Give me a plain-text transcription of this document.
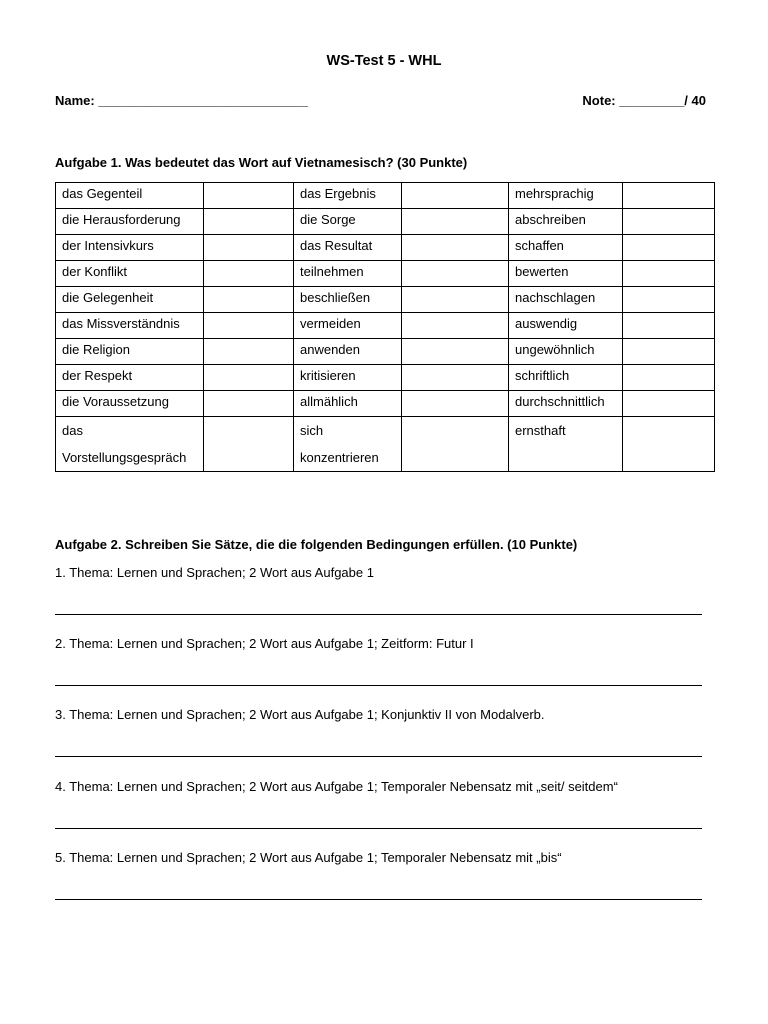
WS-Test 5 - WHL
Name: _____________________________	Note: _________/ 40
Aufgabe 1. Was bedeutet das Wort auf Vietnamesisch? (30 Punkte)
das Gegenteil		das Ergebnis		mehrsprachig	
die Herausforderung		die Sorge		abschreiben	
der Intensivkurs		das Resultat		schaffen	
der Konflikt		teilnehmen		bewerten	
die Gelegenheit		beschließen		nachschlagen	
das Missverständnis		vermeiden		auswendig	
die Religion		anwenden		ungewöhnlich	
der Respekt		kritisieren		schriftlich	
die Voraussetzung		allmählich		durchschnittlich	
das Vorstellungsgespräch		sich konzentrieren		ernsthaft	
Aufgabe 2. Schreiben Sie Sätze, die die folgenden Bedingungen erfüllen. (10 Punkte)
1. Thema: Lernen und Sprachen; 2 Wort aus Aufgabe 1
2. Thema: Lernen und Sprachen; 2 Wort aus Aufgabe 1; Zeitform: Futur I
3. Thema: Lernen und Sprachen; 2 Wort aus Aufgabe 1; Konjunktiv II von Modalverb.
4. Thema: Lernen und Sprachen; 2 Wort aus Aufgabe 1; Temporaler Nebensatz mit „seit/ seitdem“
5. Thema: Lernen und Sprachen; 2 Wort aus Aufgabe 1; Temporaler Nebensatz mit „bis“
